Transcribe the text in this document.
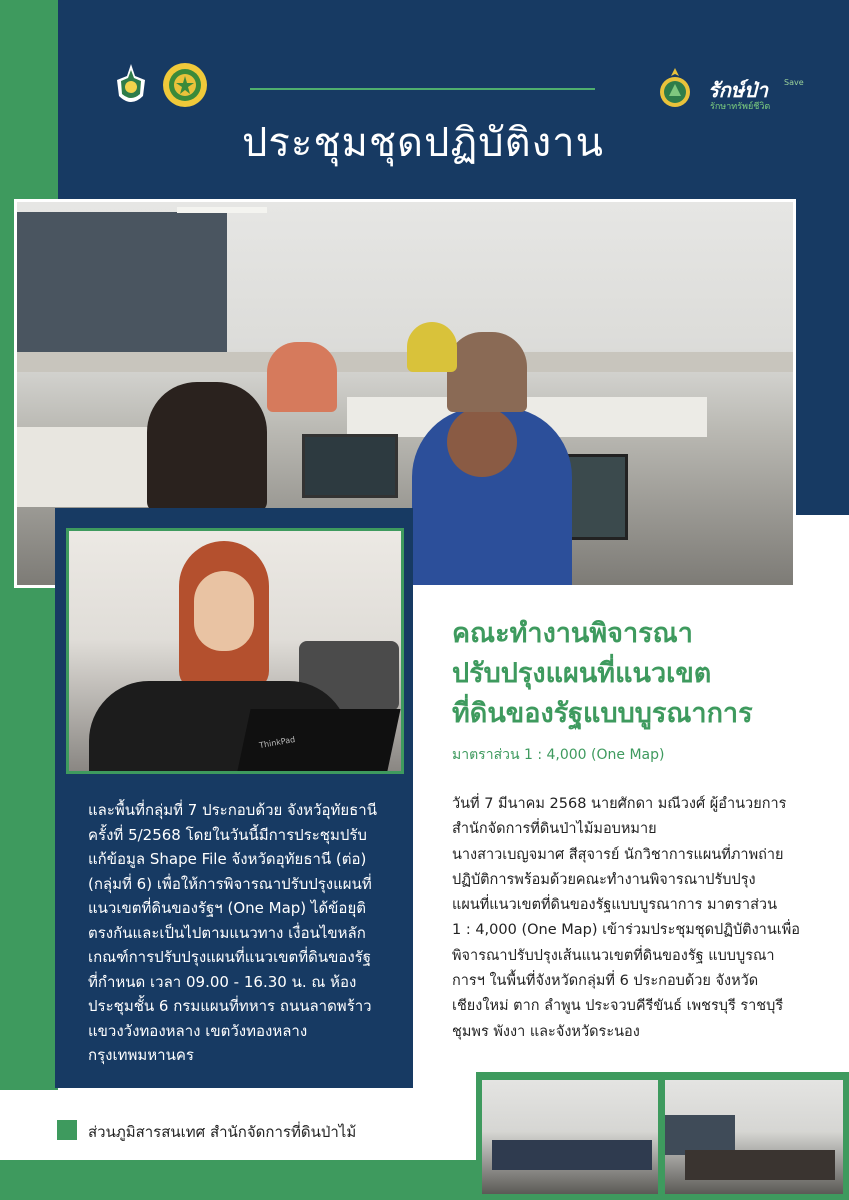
รักษ์ป่า Save
รักษาทรัพย์ชีวิต
ประชุมชุดปฏิบัติงาน
ThinkPad
และพื้นที่กลุ่มที่ 7 ประกอบด้วย จังหวัอุทัยธานี
ครั้งที่ 5/2568 โดยในวันนี้มีการประชุมปรับ
แก้ข้อมูล Shape File จังหวัดอุทัยธานี (ต่อ)
(กลุ่มที่ 6) เพื่อให้การพิจารณาปรับปรุงแผนที่
แนวเขตที่ดินของรัฐฯ (One Map) ได้ข้อยุติ
ตรงกันและเป็นไปตามแนวทาง เงื่อนไขหลัก
เกณฑ์การปรับปรุงแผนที่แนวเขตที่ดินของรัฐ
ที่กำหนด เวลา 09.00 - 16.30 น. ณ ห้อง
ประชุมชั้น 6 กรมแผนที่ทหาร ถนนลาดพร้าว
แขวงวังทองหลาง เขตวังทองหลาง
กรุงเทพมหานคร
คณะทำงานพิจารณา
ปรับปรุงแผนที่แนวเขต
ที่ดินของรัฐแบบบูรณาการ
มาตราส่วน 1 : 4,000 (One Map)
วันที่ 7 มีนาคม 2568 นายศักดา มณีวงศ์ ผู้อำนวยการ
สำนักจัดการที่ดินป่าไม้มอบหมาย
นางสาวเบญจมาศ สีสุจารย์ นักวิชาการแผนที่ภาพถ่าย
ปฏิบัติการพร้อมด้วยคณะทำงานพิจารณาปรับปรุง
แผนที่แนวเขตที่ดินของรัฐแบบบูรณาการ มาตราส่วน
1 : 4,000 (One Map) เข้าร่วมประชุมชุดปฏิบัติงานเพื่อ
พิจารณาปรับปรุงเส้นแนวเขตที่ดินของรัฐ แบบบูรณา
การฯ ในพื้นที่จังหวัดกลุ่มที่ 6 ประกอบด้วย จังหวัด
เชียงใหม่ ตาก ลำพูน ประจวบคีรีขันธ์ เพชรบุรี ราชบุรี
ชุมพร พังงา และจังหวัดระนอง
ส่วนภูมิสารสนเทศ สำนักจัดการที่ดินป่าไม้
